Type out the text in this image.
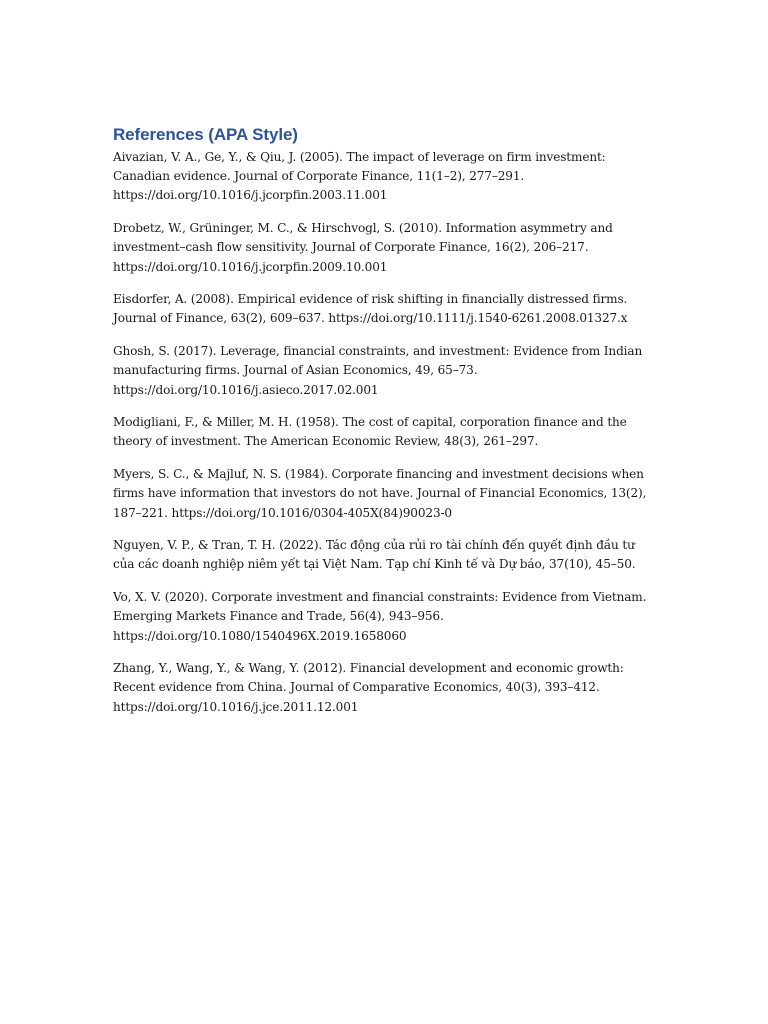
References (APA Style)
Aivazian, V. A., Ge, Y., & Qiu, J. (2005). The impact of leverage on firm investment: Canadian evidence. Journal of Corporate Finance, 11(1–2), 277–291. https://doi.org/10.1016/j.jcorpfin.2003.11.001
Drobetz, W., Grüninger, M. C., & Hirschvogl, S. (2010). Information asymmetry and investment–cash flow sensitivity. Journal of Corporate Finance, 16(2), 206–217. https://doi.org/10.1016/j.jcorpfin.2009.10.001
Eisdorfer, A. (2008). Empirical evidence of risk shifting in financially distressed firms. Journal of Finance, 63(2), 609–637. https://doi.org/10.1111/j.1540-6261.2008.01327.x
Ghosh, S. (2017). Leverage, financial constraints, and investment: Evidence from Indian manufacturing firms. Journal of Asian Economics, 49, 65–73. https://doi.org/10.1016/j.asieco.2017.02.001
Modigliani, F., & Miller, M. H. (1958). The cost of capital, corporation finance and the theory of investment. The American Economic Review, 48(3), 261–297.
Myers, S. C., & Majluf, N. S. (1984). Corporate financing and investment decisions when firms have information that investors do not have. Journal of Financial Economics, 13(2), 187–221. https://doi.org/10.1016/0304-405X(84)90023-0
Nguyen, V. P., & Tran, T. H. (2022). Tác động của rủi ro tài chính đến quyết định đầu tư của các doanh nghiệp niêm yết tại Việt Nam. Tạp chí Kinh tế và Dự báo, 37(10), 45–50.
Vo, X. V. (2020). Corporate investment and financial constraints: Evidence from Vietnam. Emerging Markets Finance and Trade, 56(4), 943–956. https://doi.org/10.1080/1540496X.2019.1658060
Zhang, Y., Wang, Y., & Wang, Y. (2012). Financial development and economic growth: Recent evidence from China. Journal of Comparative Economics, 40(3), 393–412. https://doi.org/10.1016/j.jce.2011.12.001
